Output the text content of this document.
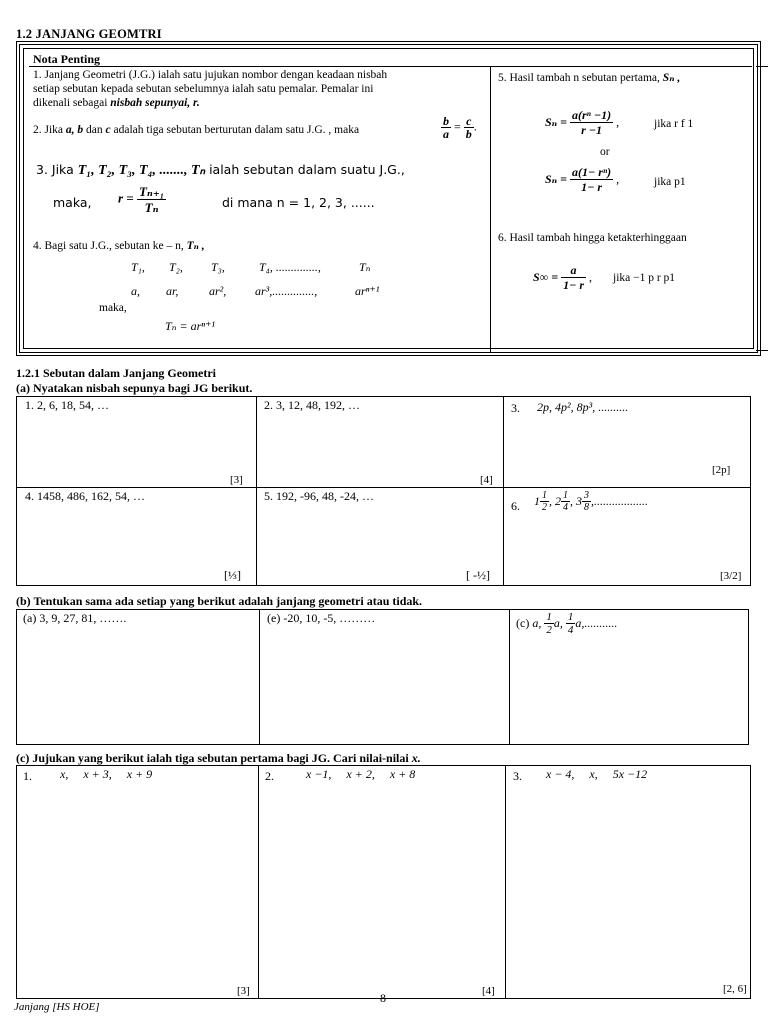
1.2 JANJANG GEOMTRI
Nota Penting
1. Janjang Geometri (J.G.) ialah satu jujukan nombor dengan keadaan nisbah
setiap sebutan kepada sebutan sebelumnya ialah satu pemalar. Pemalar ini
dikenali sebagai nisbah sepunyai, r.
2. Jika a, b dan c adalah tiga sebutan berturutan dalam satu J.G. , maka	$\frac{b}{a} = \frac{c}{b}$ .
3. Jika T₁, T₂, T₃, T₄, ......., Tₙ ialah sebutan dalam suatu J.G.,
maka, $r = \frac{\text{Tₙ₊₁}}{\text{Tₙ}}$	di mana n = 1, 2, 3, ......
4. Bagi satu J.G., sebutan ke – n, Tₙ ,
T₁, T₂, T₃,	T₄, ..............,	Tₙ
a, ar,	ar², ar³,..............,	arⁿ⁺¹
maka,
Tₙ = arⁿ⁺¹
5. Hasil tambah n sebutan pertama, Sₙ ,
$S_n = \frac{\text{a(rⁿ −1)}}{r -1}$ ,	jika r f 1
or
$S_n = \frac{\text{a(1− rⁿ)}}{1- r}$ ,	jika p1
6. Hasil tambah hingga ketakterhinggaan
$S\infty = \frac{a}{1- r}$ , jika −1 p r p1
1.2.1 Sebutan dalam Janjang Geometri
(a) Nyatakan nisbah sepunya bagi JG berikut.
1. 2, 6, 18, 54, …
[3]
2. 3, 12, 48, 192, …
[4]
3. 2p, 4p², 8p³, ..........
[2p]
4. 1458, 486, 162, 54, …
[⅓]
5. 192, -96, 48, -24, …
[ -½]
6. $1 \frac{1}{2}$ , $2 \frac{1}{4}$ , $3 \frac{3}{8}$ ,..................
[3/2]
(b) Tentukan sama ada setiap yang berikut adalah janjang geometri atau tidak.
(a) 3, 9, 27, 81, …….	(e) -20, 10, -5, ………	(c) a, $\frac{1}{2} a$, $\frac{1}{4} a$,...........
(c) Jujukan yang berikut ialah tiga sebutan pertama bagi JG. Cari nilai-nilai x.
1. x,     x + 3,     x + 9
[3]
2.	x −1,     x + 2,     x + 8
[4]
3. x − 4,     x,     5x −12
[2, 6]
8
Janjang [HS HOE]
